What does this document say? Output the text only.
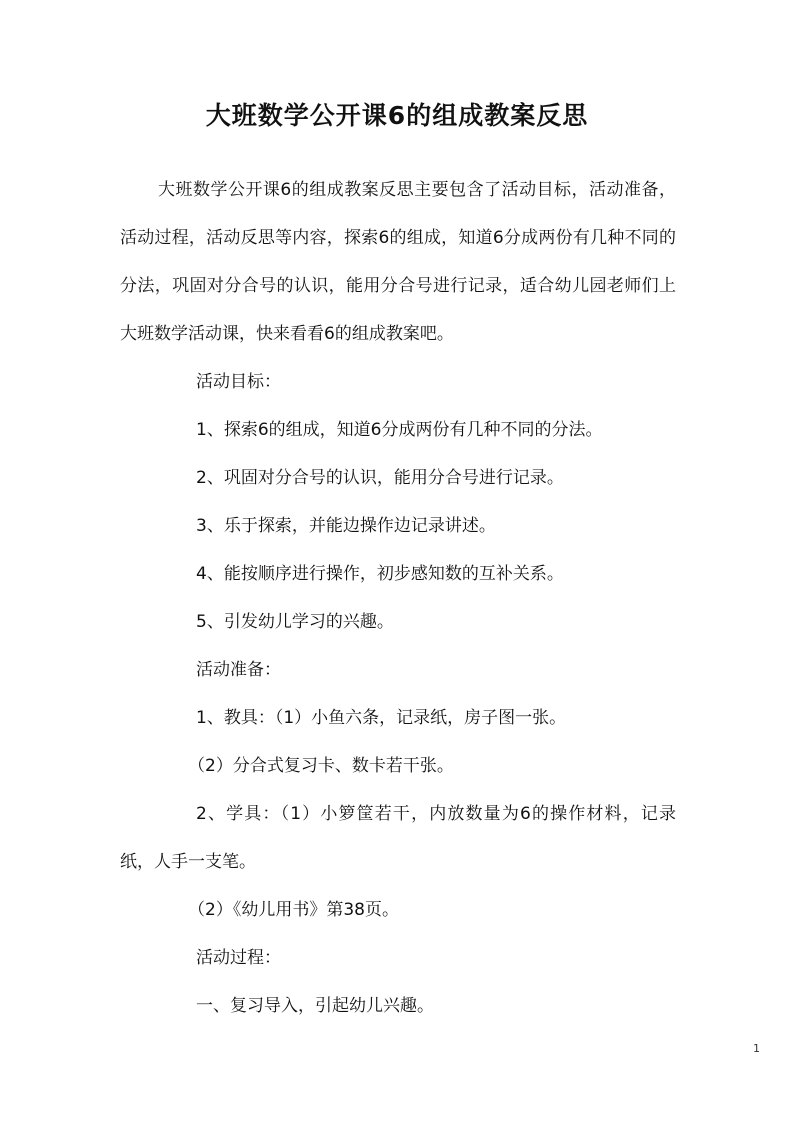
大班数学公开课6的组成教案反思

大班数学公开课6的组成教案反思主要包含了活动目标，活动准备，活动过程，活动反思等内容，探索6的组成，知道6分成两份有几种不同的分法，巩固对分合号的认识，能用分合号进行记录，适合幼儿园老师们上大班数学活动课，快来看看6的组成教案吧。

活动目标：

1、探索6的组成，知道6分成两份有几种不同的分法。

2、巩固对分合号的认识，能用分合号进行记录。

3、乐于探索，并能边操作边记录讲述。

4、能按顺序进行操作，初步感知数的互补关系。

5、引发幼儿学习的兴趣。

活动准备：

1、教具：（1）小鱼六条，记录纸，房子图一张。

（2）分合式复习卡、数卡若干张。

2、学具：（1）小箩筐若干，内放数量为6的操作材料，记录纸，人手一支笔。

（2）《幼儿用书》第38页。

活动过程：

一、复习导入，引起幼儿兴趣。

1
